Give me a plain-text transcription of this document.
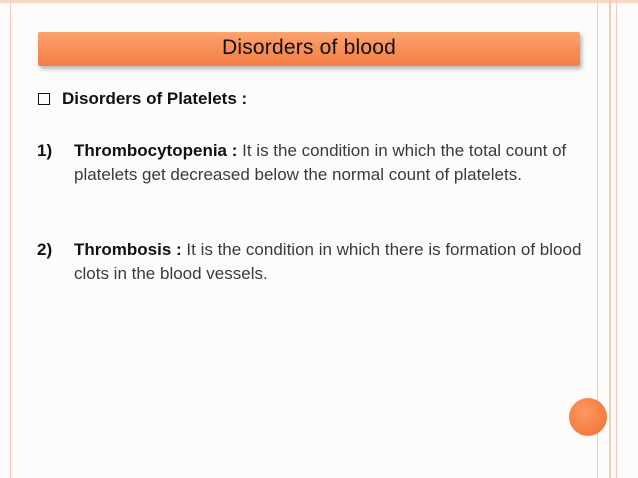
Disorders of blood
Disorders of Platelets :
1) Thrombocytopenia : It is the condition in which the total count of platelets get decreased below the normal count of platelets.
2) Thrombosis : It is the condition in which there is formation of blood clots in the blood vessels.
